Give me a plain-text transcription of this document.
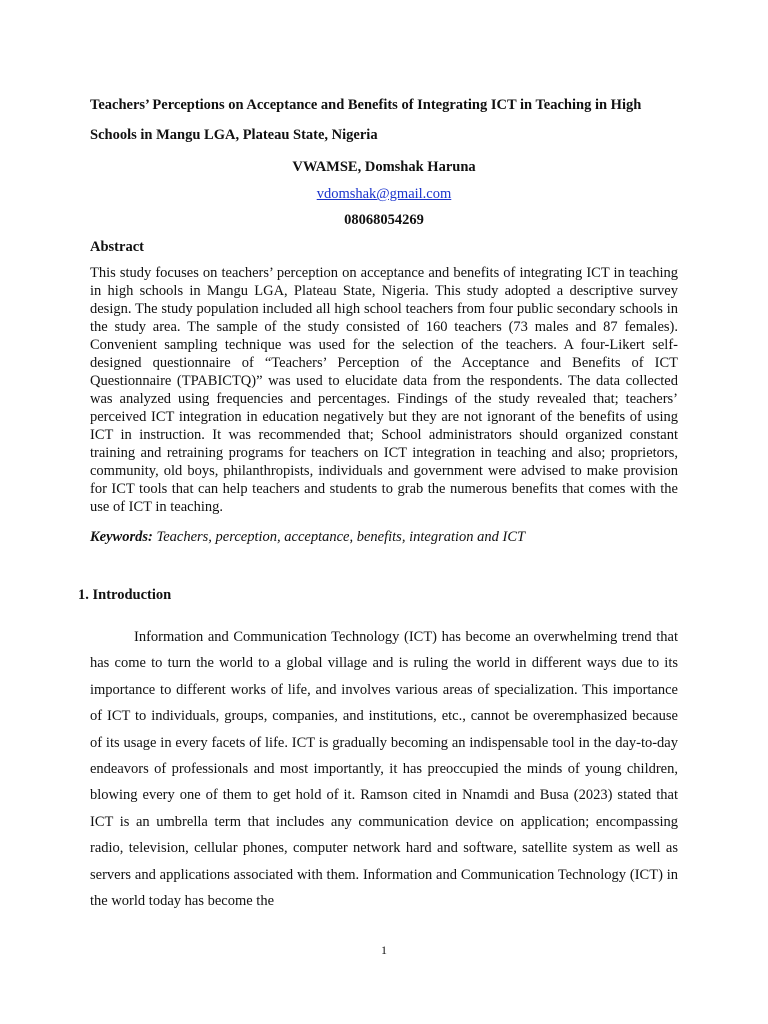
Teachers’ Perceptions on Acceptance and Benefits of Integrating ICT in Teaching in High Schools in Mangu LGA, Plateau State, Nigeria

VWAMSE, Domshak Haruna

vdomshak@gmail.com

08068054269

Abstract

This study focuses on teachers’ perception on acceptance and benefits of integrating ICT in teaching in high schools in Mangu LGA, Plateau State, Nigeria. This study adopted a descriptive survey design. The study population included all high school teachers from four public secondary schools in the study area. The sample of the study consisted of 160 teachers (73 males and 87 females). Convenient sampling technique was used for the selection of the teachers. A four-Likert self-designed questionnaire of “Teachers’ Perception of the Acceptance and Benefits of ICT Questionnaire (TPABICTQ)” was used to elucidate data from the respondents. The data collected was analyzed using frequencies and percentages. Findings of the study revealed that; teachers’ perceived ICT integration in education negatively but they are not ignorant of the benefits of using ICT in instruction. It was recommended that; School administrators should organized constant training and retraining programs for teachers on ICT integration in teaching and also; proprietors, community, old boys, philanthropists, individuals and government were advised to make provision for ICT tools that can help teachers and students to grab the numerous benefits that comes with the use of ICT in teaching.

Keywords: Teachers, perception, acceptance, benefits, integration and ICT

1. Introduction

Information and Communication Technology (ICT) has become an overwhelming trend that has come to turn the world to a global village and is ruling the world in different ways due to its importance to different works of life, and involves various areas of specialization. This importance of ICT to individuals, groups, companies, and institutions, etc., cannot be overemphasized because of its usage in every facets of life. ICT is gradually becoming an indispensable tool in the day-to-day endeavors of professionals and most importantly, it has preoccupied the minds of young children, blowing every one of them to get hold of it. Ramson cited in Nnamdi and Busa (2023) stated that ICT is an umbrella term that includes any communication device on application; encompassing radio, television, cellular phones, computer network hard and software, satellite system as well as servers and applications associated with them. Information and Communication Technology (ICT) in the world today has become the

1
